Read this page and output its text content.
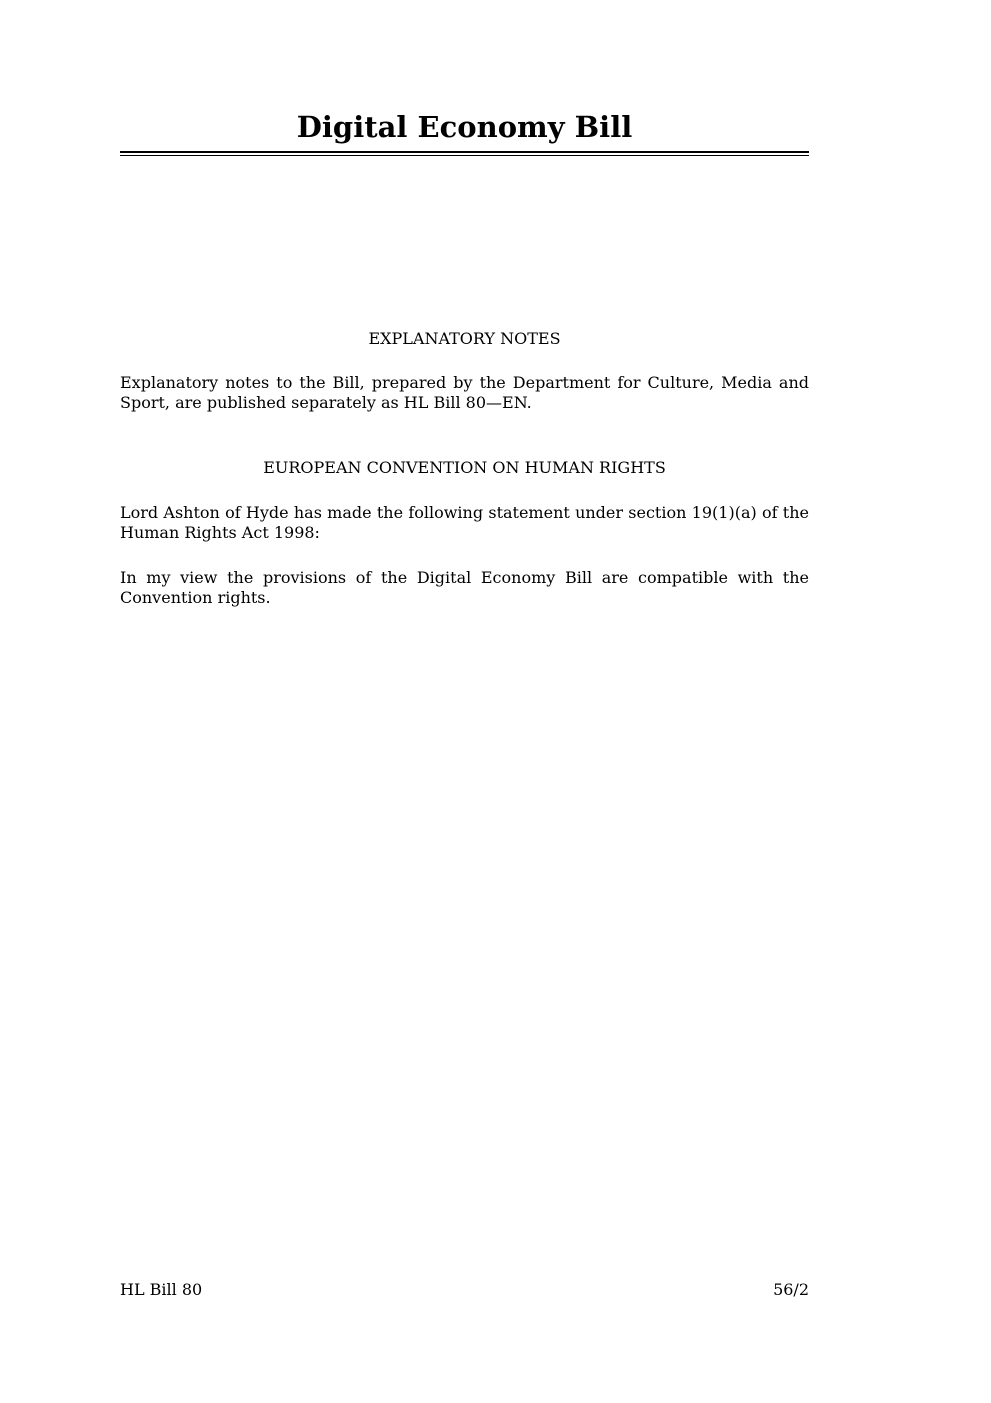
Digital Economy Bill
EXPLANATORY NOTES
Explanatory notes to the Bill, prepared by the Department for Culture, Media and Sport, are published separately as HL Bill 80—EN.
EUROPEAN CONVENTION ON HUMAN RIGHTS
Lord Ashton of Hyde has made the following statement under section 19(1)(a) of the Human Rights Act 1998:
In my view the provisions of the Digital Economy Bill are compatible with the Convention rights.
HL Bill 80	56/2
